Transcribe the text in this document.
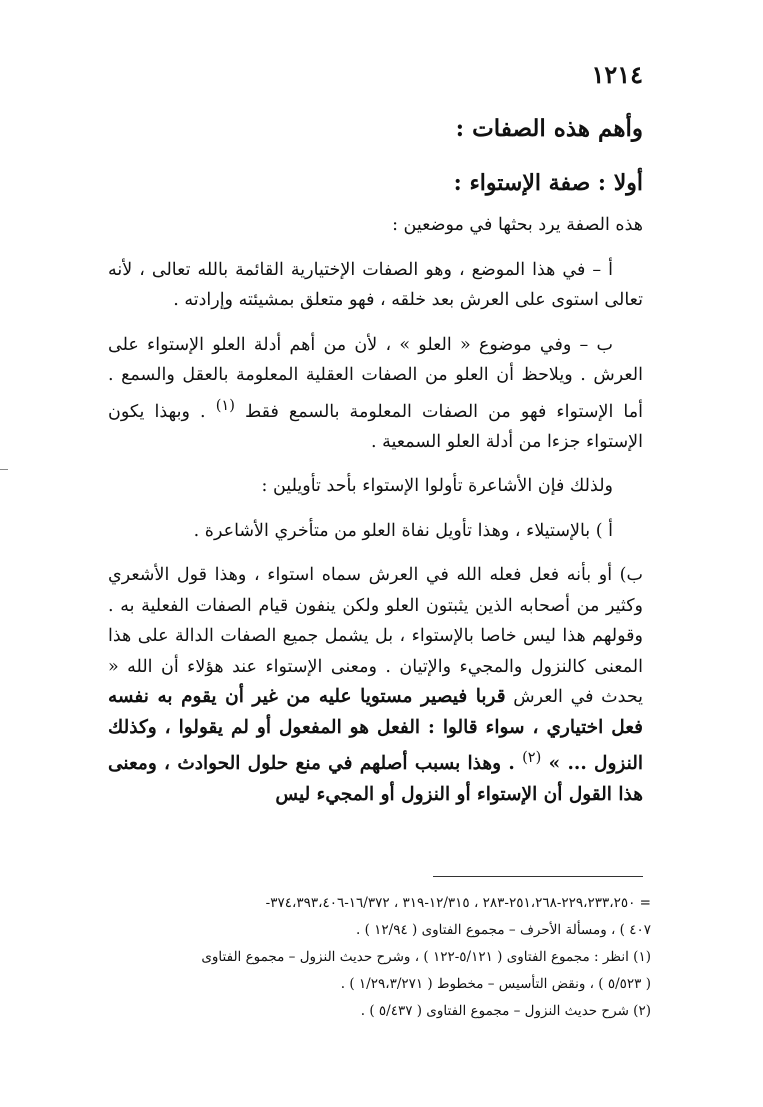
١٢١٤
وأهم هذه الصفات :
أولا : صفة الإستواء :

هذه الصفة يرد بحثها في موضعين :

أ – في هذا الموضع ، وهو الصفات الإختيارية القائمة بالله تعالى ، لأنه تعالى استوى على العرش بعد خلقه ، فهو متعلق بمشيئته وإرادته .

ب – وفي موضوع « العلو » ، لأن من أهم أدلة العلو الإستواء على العرش . ويلاحظ أن العلو من الصفات العقلية المعلومة بالعقل والسمع . أما الإستواء فهو من الصفات المعلومة بالسمع فقط $^{(١)}$ . وبهذا يكون الإستواء جزءا من أدلة العلو السمعية .

ولذلك فإن الأشاعرة تأولوا الإستواء بأحد تأويلين :

أ ) بالإستيلاء ، وهذا تأويل نفاة العلو من متأخري الأشاعرة .

ب) أو بأنه فعل فعله الله في العرش سماه استواء ، وهذا قول الأشعري وكثير من أصحابه الذين يثبتون العلو ولكن ينفون قيام الصفات الفعلية به . وقولهم هذا ليس خاصا بالإستواء ، بل يشمل جميع الصفات الدالة على هذا المعنى كالنزول والمجيء والإتيان . ومعنى الإستواء عند هؤلاء أن الله « يحدث في العرش قربا فيصير مستويا عليه من غير أن يقوم به نفسه فعل اختياري ، سواء قالوا : الفعل هو المفعول أو لم يقولوا ، وكذلك النزول ... » $^{(٢)}$ . وهذا بسبب أصلهم في منع حلول الحوادث ، ومعنى هذا القول أن الإستواء أو النزول أو المجيء ليس

= ٢٢٩،٢٣٣،٢٥٠-٢٥١،٢٦٨-٢٨٣ ، ١٢/٣١٥-٣١٩ ، ١٦/٣٧٢-٣٧٤،٣٩٣،٤٠٦-
٤٠٧ ) ، ومسألة الأحرف – مجموع الفتاوى ( ١٢/٩٤ ) .
(١) انظر : مجموع الفتاوى ( ٥/١٢١-١٢٢ ) ، وشرح حديث النزول – مجموع الفتاوى
( ٥/٥٢٣ ) ، ونقض التأسيس – مخطوط ( ١/٢٩،٣/٢٧١ ) .
(٢) شرح حديث النزول – مجموع الفتاوى ( ٥/٤٣٧ ) .
